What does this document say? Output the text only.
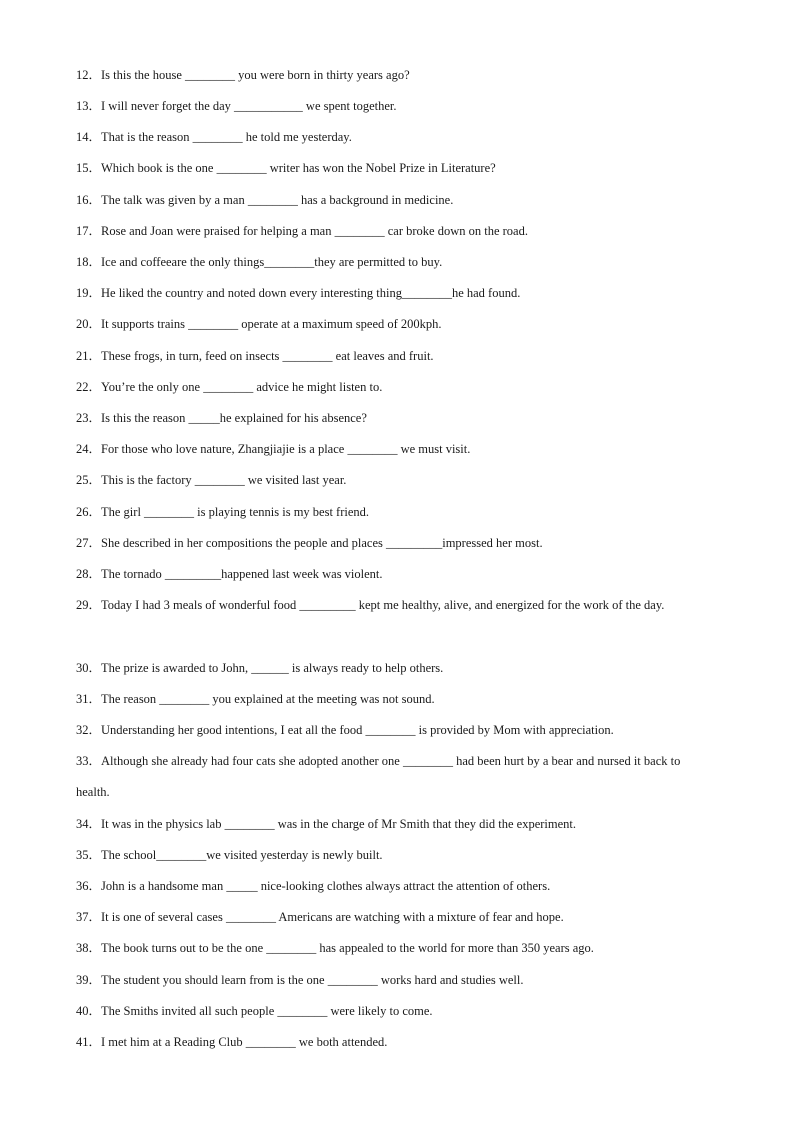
12．Is this the house ________ you were born in thirty years ago?
13．I will never forget the day ___________ we spent together.
14．That is the reason ________ he told me yesterday.
15．Which book is the one ________ writer has won the Nobel Prize in Literature?
16．The talk was given by a man ________ has a background in medicine.
17．Rose and Joan were praised for helping a man ________ car broke down on the road.
18．Ice and coffeeare the only things________they are permitted to buy.
19．He liked the country and noted down every interesting thing________he had found.
20．It supports trains ________ operate at a maximum speed of 200kph.
21．These frogs, in turn, feed on insects ________ eat leaves and fruit.
22．You’re the only one ________ advice he might listen to.
23．Is this the reason _____he explained for his absence?
24．For those who love nature, Zhangjiajie is a place ________ we must visit.
25．This is the factory ________ we visited last year.
26．The girl ________ is playing tennis is my best friend.
27．She described in her compositions the people and places _________impressed her most.
28．The tornado _________happened last week was violent.
29．Today I had 3 meals of wonderful food _________ kept me healthy, alive, and energized for the work of the day.
30．The prize is awarded to John, ______ is always ready to help others.
31．The reason ________ you explained at the meeting was not sound.
32．Understanding her good intentions, I eat all the food ________ is provided by Mom with appreciation.
33．Although she already had four cats she adopted another one ________ had been hurt by a bear and nursed it back to health.
34．It was in the physics lab ________ was in the charge of Mr Smith that they did the experiment.
35．The school________we visited yesterday is newly built.
36．John is a handsome man _____ nice-looking clothes always attract the attention of others.
37．It is one of several cases ________ Americans are watching with a mixture of fear and hope.
38．The book turns out to be the one ________ has appealed to the world for more than 350 years ago.
39．The student you should learn from is the one ________ works hard and studies well.
40．The Smiths invited all such people ________ were likely to come.
41．I met him at a Reading Club ________ we both attended.
